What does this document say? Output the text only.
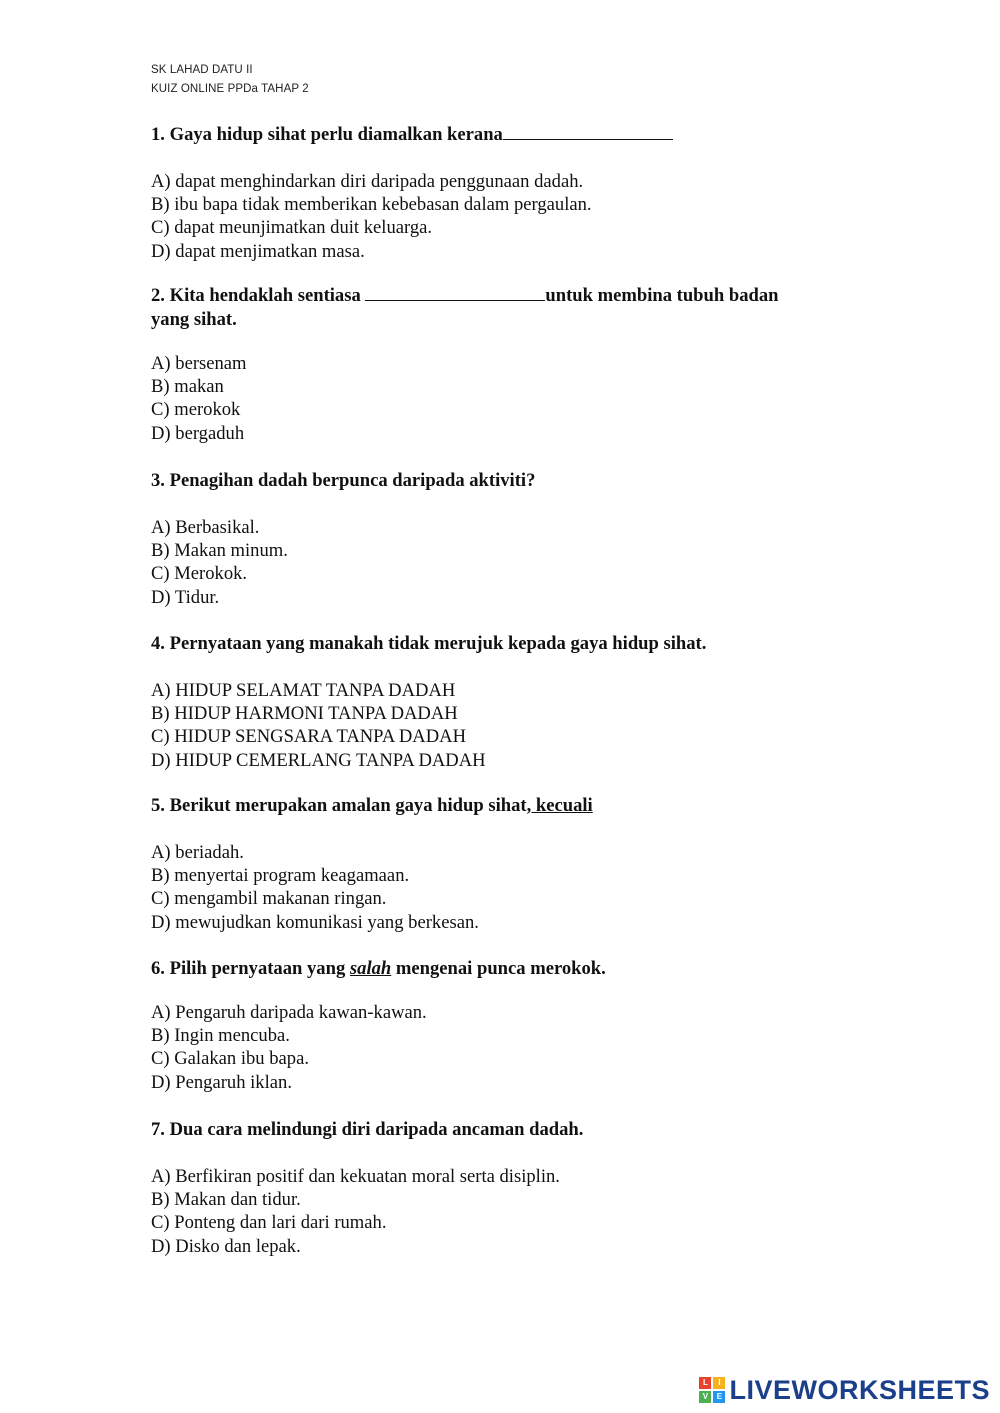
SK LAHAD DATU II
KUIZ ONLINE PPDa TAHAP 2

1. Gaya hidup sihat perlu diamalkan kerana

A) dapat menghindarkan diri daripada penggunaan dadah.
B) ibu bapa tidak memberikan kebebasan dalam pergaulan.
C) dapat meunjimatkan duit keluarga.
D) dapat menjimatkan masa.

2. Kita hendaklah sentiasa	untuk membina tubuh badan
yang sihat.

A) bersenam
B) makan
C) merokok
D) bergaduh

3. Penagihan dadah berpunca daripada aktiviti?

A) Berbasikal.
B) Makan minum.
C) Merokok.
D) Tidur.

4. Pernyataan yang manakah tidak merujuk kepada gaya hidup sihat.

A) HIDUP SELAMAT TANPA DADAH
B) HIDUP HARMONI TANPA DADAH
C) HIDUP SENGSARA TANPA DADAH
D) HIDUP CEMERLANG TANPA DADAH

5. Berikut merupakan amalan gaya hidup sihat, kecuali

A) beriadah.
B) menyertai program keagamaan.
C) mengambil makanan ringan.
D) mewujudkan komunikasi yang berkesan.

6. Pilih pernyataan yang salah mengenai punca merokok.

A) Pengaruh daripada kawan-kawan.
B) Ingin mencuba.
C) Galakan ibu bapa.
D) Pengaruh iklan.

7. Dua cara melindungi diri daripada ancaman dadah.

A) Berfikiran positif dan kekuatan moral serta disiplin.
B) Makan dan tidur.
C) Ponteng dan lari dari rumah.
D) Disko dan lepak.
L	I
V	E LIVEWORKSHEETS
